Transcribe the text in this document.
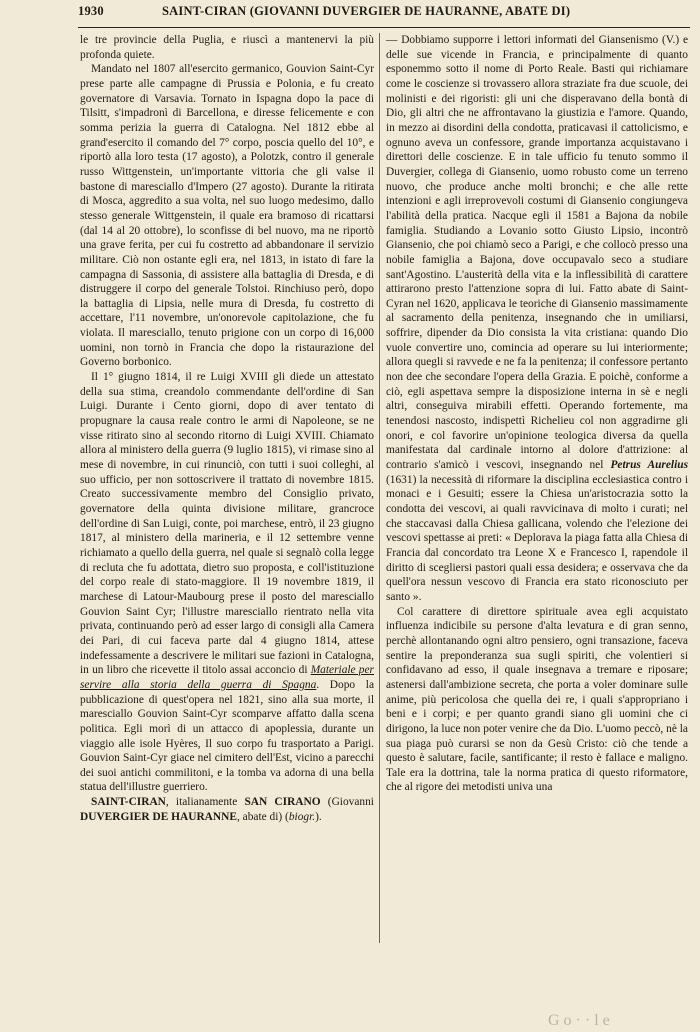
1930	SAINT-CIRAN (GIOVANNI DUVERGIER DE HAURANNE, ABATE DI)

le tre provincie della Puglia, e riuscì a mantenervi la più profonda quiete.

Mandato nel 1807 all'esercito germanico, Gouvion Saint-Cyr prese parte alle campagne di Prussia e Polonia, e fu creato governatore di Varsavia. Tornato in Ispagna dopo la pace di Tilsitt, s'impadronì di Barcellona, e diresse felicemente e con somma perizia la guerra di Catalogna. Nel 1812 ebbe al grand'esercito il comando del 7° corpo, poscia quello del 10°, e riportò alla loro testa (17 agosto), a Polotzk, contro il generale russo Wittgenstein, un'importante vittoria che gli valse il bastone di maresciallo d'Impero (27 agosto). Durante la ritirata di Mosca, aggredito a sua volta, nel suo luogo medesimo, dallo stesso generale Wittgenstein, il quale era bramoso di ricattarsi (dal 14 al 20 ottobre), lo sconfisse di bel nuovo, ma ne riportò una grave ferita, per cui fu costretto ad abbandonare il servizio militare. Ciò non ostante egli era, nel 1813, in istato di fare la campagna di Sassonia, di assistere alla battaglia di Dresda, e di distruggere il corpo del generale Tolstoi. Rinchiuso però, dopo la battaglia di Lipsia, nelle mura di Dresda, fu costretto di accettare, l'11 novembre, un'onorevole capitolazione, che fu violata. Il maresciallo, tenuto prigione con un corpo di 16,000 uomini, non tornò in Francia che dopo la ristaurazione del Governo borbonico.

Il 1° giugno 1814, il re Luigi XVIII gli diede un attestato della sua stima, creandolo commendante dell'ordine di San Luigi. Durante i Cento giorni, dopo di aver tentato di propugnare la causa reale contro le armi di Napoleone, se ne visse ritirato sino al secondo ritorno di Luigi XVIII. Chiamato allora al ministero della guerra (9 luglio 1815), vi rimase sino al mese di novembre, in cui rinunciò, con tutti i suoi colleghi, al suo ufficio, per non sottoscrivere il trattato di novembre 1815. Creato successivamente membro del Consiglio privato, governatore della quinta divisione militare, grancroce dell'ordine di San Luigi, conte, poi marchese, entrò, il 23 giugno 1817, al ministero della marineria, e il 12 settembre venne richiamato a quello della guerra, nel quale si segnalò colla legge di recluta che fu adottata, dietro suo proposta, e coll'istituzione del corpo reale di stato-maggiore. Il 19 novembre 1819, il marchese di Latour-Maubourg prese il posto del maresciallo Gouvion Saint Cyr; l'illustre maresciallo rientrato nella vita privata, continuando però ad esser largo di consigli alla Camera dei Pari, di cui faceva parte dal 4 giugno 1814, attese indefessamente a descrivere le militari sue fazioni in Catalogna, in un libro che ricevette il titolo assai acconcio di Materiale per servire alla storia della guerra di Spagna. Dopo la pubblicazione di quest'opera nel 1821, sino alla sua morte, il maresciallo Gouvion Saint-Cyr scomparve affatto dalla scena politica. Egli morì di un attacco di apoplessia, durante un viaggio alle isole Hyères, Il suo corpo fu trasportato a Parigi. Gouvion Saint-Cyr giace nel cimitero dell'Est, vicino a parecchi dei suoi antichi commilitoni, e la tomba va adorna di una bella statua dell'illustre guerriero.

SAINT-CIRAN, italianamente SAN CIRANO (Giovanni DUVERGIER DE HAURANNE, abate di) (biogr.).

— Dobbiamo supporre i lettori informati del Giansenismo (V.) e delle sue vicende in Francia, e principalmente di quanto esponemmo sotto il nome di Porto Reale. Basti qui richiamare come le coscienze si trovassero allora straziate fra due scuole, dei molinisti e dei rigoristi: gli uni che disperavano della bontà di Dio, gli altri che ne affrontavano la giustizia e l'amore. Quando, in mezzo ai disordini della condotta, praticavasi il cattolicismo, e ognuno aveva un confessore, grande importanza acquistavano i direttori delle coscienze. E in tale ufficio fu tenuto sommo il Duvergier, collega di Giansenio, uomo robusto come un terreno nuovo, che produce anche molti bronchi; e che alle rette intenzioni e agli irreprovevoli costumi di Giansenio congiungeva l'abilità della pratica. Nacque egli il 1581 a Bajona da nobile famiglia. Studiando a Lovanio sotto Giusto Lipsio, incontrò Giansenio, che poi chiamò seco a Parigi, e che collocò presso una nobile famiglia a Bajona, dove occupavalo seco a studiare sant'Agostino. L'austerità della vita e la inflessibilità di carattere attirarono presto l'attenzione sopra di lui. Fatto abate di Saint-Cyran nel 1620, applicava le teoriche di Giansenio massimamente al sacramento della penitenza, insegnando che in umiliarsi, soffrire, dipender da Dio consista la vita cristiana: quando Dio vuole convertire uno, comincia ad operare su lui interiormente; allora quegli si ravvede e ne fa la penitenza; il confessore pertanto non dee che secondare l'opera della Grazia. E poichè, conforme a ciò, egli aspettava sempre la disposizione interna in sè e negli altri, conseguiva mirabili effetti. Operando fortemente, ma tenendosi nascosto, indispettì Richelieu col non aggradirne gli onori, e col favorire un'opinione teologica diversa da quella manifestata dal cardinale intorno al dolore d'attrizione: al contrario s'amicò i vescovi, insegnando nel Petrus Aurelius (1631) la necessità di riformare la disciplina ecclesiastica contro i monaci e i Gesuiti; essere la Chiesa un'aristocrazia sotto la condotta dei vescovi, ai quali ravvicinava di molto i curati; nel che staccavasi dalla Chiesa gallicana, volendo che l'elezione dei vescovi spettasse ai preti: « Deplorava la piaga fatta alla Chiesa di Francia dal concordato tra Leone X e Francesco I, rapendole il diritto di scegliersi pastori quali essa desidera; e osservava che da quell'ora nessun vescovo di Francia era stato riconosciuto per santo ».

Col carattere di direttore spirituale avea egli acquistato influenza indicibile su persone d'alta levatura e di gran senno, perchè allontanando ogni altro pensiero, ogni transazione, faceva sentire la preponderanza sua sugli spiriti, che volentieri si confidavano ad esso, il quale insegnava a tremare e riposare; astenersi dall'ambizione secreta, che porta a voler dominare sulle anime, più pericolosa che quella dei re, i quali s'appropriano i beni e i corpi; e per quanto grandi siano gli uomini che ci dirigono, la luce non poter venire che da Dio. L'uomo peccò, nè la sua piaga può curarsi se non da Gesù Cristo: ciò che tende a questo è salutare, facile, santificante; il resto è fallace e maligno. Tale era la dottrina, tale la norma pratica di questo riformatore, che al rigore dei metodisti univa una

Go··le
